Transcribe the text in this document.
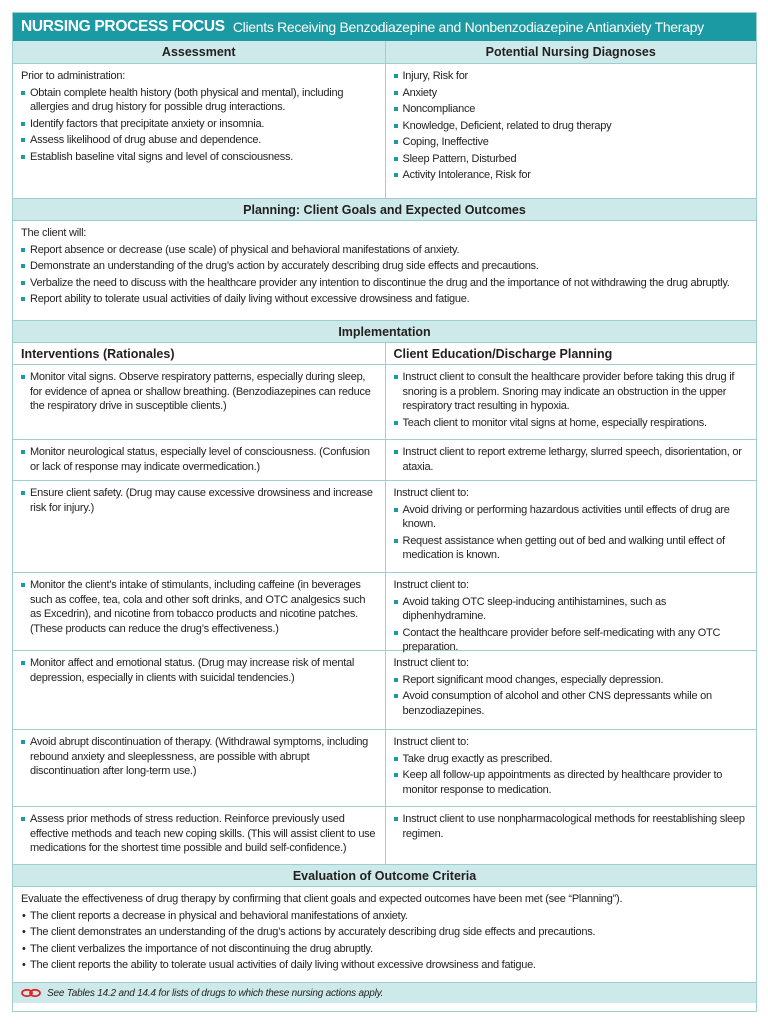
NURSING PROCESS FOCUS Clients Receiving Benzodiazepine and Nonbenzodiazepine Antianxiety Therapy
Assessment	Potential Nursing Diagnoses
Prior to administration:
Obtain complete health history (both physical and mental), including allergies and drug history for possible drug interactions.
Identify factors that precipitate anxiety or insomnia.
Assess likelihood of drug abuse and dependence.
Establish baseline vital signs and level of consciousness.
Injury, Risk for
Anxiety
Noncompliance
Knowledge, Deficient, related to drug therapy
Coping, Ineffective
Sleep Pattern, Disturbed
Activity Intolerance, Risk for
Planning: Client Goals and Expected Outcomes
The client will:
Report absence or decrease (use scale) of physical and behavioral manifestations of anxiety.
Demonstrate an understanding of the drug’s action by accurately describing drug side effects and precautions.
Verbalize the need to discuss with the healthcare provider any intention to discontinue the drug and the importance of not withdrawing the drug abruptly.
Report ability to tolerate usual activities of daily living without excessive drowsiness and fatigue.
Implementation
Interventions (Rationales)	Client Education/Discharge Planning
Monitor vital signs. Observe respiratory patterns, especially during sleep, for evidence of apnea or shallow breathing. (Benzodiazepines can reduce the respiratory drive in susceptible clients.)
Instruct client to consult the healthcare provider before taking this drug if snoring is a problem. Snoring may indicate an obstruction in the upper respiratory tract resulting in hypoxia.
Teach client to monitor vital signs at home, especially respirations.
Monitor neurological status, especially level of consciousness. (Confusion or lack of response may indicate overmedication.)
Instruct client to report extreme lethargy, slurred speech, disorientation, or ataxia.
Ensure client safety. (Drug may cause excessive drowsiness and increase risk for injury.)
Instruct client to:
Avoid driving or performing hazardous activities until effects of drug are known.
Request assistance when getting out of bed and walking until effect of medication is known.
Monitor the client’s intake of stimulants, including caffeine (in beverages such as coffee, tea, cola and other soft drinks, and OTC analgesics such as Excedrin), and nicotine from tobacco products and nicotine patches. (These products can reduce the drug’s effectiveness.)
Instruct client to:
Avoid taking OTC sleep-inducing antihistamines, such as diphenhydramine.
Contact the healthcare provider before self-medicating with any OTC preparation.
Monitor affect and emotional status. (Drug may increase risk of mental depression, especially in clients with suicidal tendencies.)
Instruct client to:
Report significant mood changes, especially depression.
Avoid consumption of alcohol and other CNS depressants while on benzodiazepines.
Avoid abrupt discontinuation of therapy. (Withdrawal symptoms, including rebound anxiety and sleeplessness, are possible with abrupt discontinuation after long-term use.)
Instruct client to:
Take drug exactly as prescribed.
Keep all follow-up appointments as directed by healthcare provider to monitor response to medication.
Assess prior methods of stress reduction. Reinforce previously used effective methods and teach new coping skills. (This will assist client to use medications for the shortest time possible and build self-confidence.)
Instruct client to use nonpharmacological methods for reestablishing sleep regimen.
Evaluation of Outcome Criteria
Evaluate the effectiveness of drug therapy by confirming that client goals and expected outcomes have been met (see “Planning”).
• The client reports a decrease in physical and behavioral manifestations of anxiety.
• The client demonstrates an understanding of the drug’s actions by accurately describing drug side effects and precautions.
• The client verbalizes the importance of not discontinuing the drug abruptly.
• The client reports the ability to tolerate usual activities of daily living without excessive drowsiness and fatigue.
See Tables 14.2 and 14.4 for lists of drugs to which these nursing actions apply.
